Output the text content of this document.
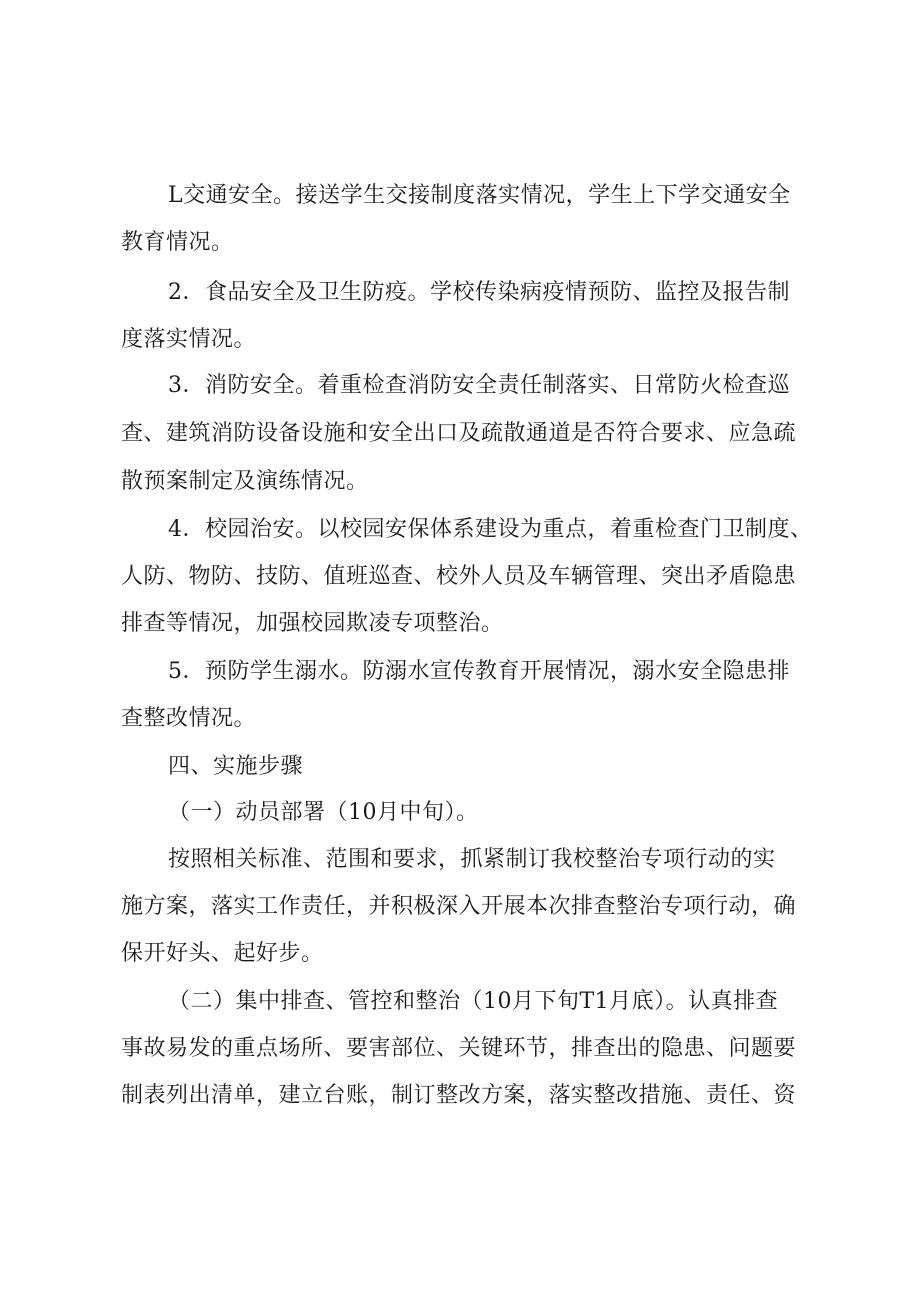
L交通安全。接送学生交接制度落实情况，学生上下学交通安全
教育情况。
2．食品安全及卫生防疫。学校传染病疫情预防、监控及报告制
度落实情况。
3．消防安全。着重检查消防安全责任制落实、日常防火检查巡
查、建筑消防设备设施和安全出口及疏散通道是否符合要求、应急疏
散预案制定及演练情况。
4．校园治安。以校园安保体系建设为重点，着重检查门卫制度、
人防、物防、技防、值班巡查、校外人员及车辆管理、突出矛盾隐患
排查等情况，加强校园欺凌专项整治。
5．预防学生溺水。防溺水宣传教育开展情况，溺水安全隐患排
查整改情况。
四、实施步骤
（一）动员部署（10月中旬）。
按照相关标准、范围和要求，抓紧制订我校整治专项行动的实
施方案，落实工作责任，并积极深入开展本次排查整治专项行动，确
保开好头、起好步。
（二）集中排查、管控和整治（10月下旬T1月底）。认真排查
事故易发的重点场所、要害部位、关键环节，排查出的隐患、问题要
制表列出清单，建立台账，制订整改方案，落实整改措施、责任、资
